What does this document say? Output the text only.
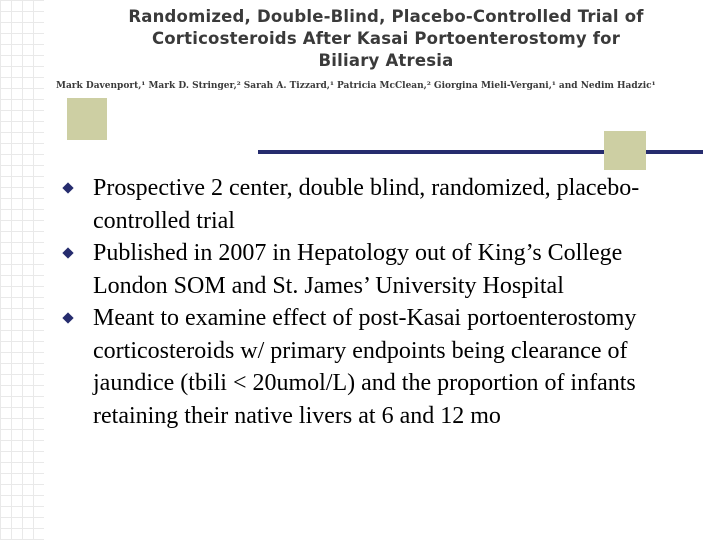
Randomized, Double-Blind, Placebo-Controlled Trial of
Corticosteroids After Kasai Portoenterostomy for
Biliary Atresia
Mark Davenport,¹ Mark D. Stringer,² Sarah A. Tizzard,¹ Patricia McClean,² Giorgina Mieli-Vergani,¹ and Nedim Hadzic¹
Prospective 2 center, double blind, randomized, placebo-controlled trial
Published in 2007 in Hepatology out of King’s College London SOM and St. James’ University Hospital
Meant to examine effect of post-Kasai portoenterostomy corticosteroids w/ primary endpoints being clearance of jaundice (tbili < 20umol/L) and the proportion of infants retaining their native livers at 6 and 12 mo
